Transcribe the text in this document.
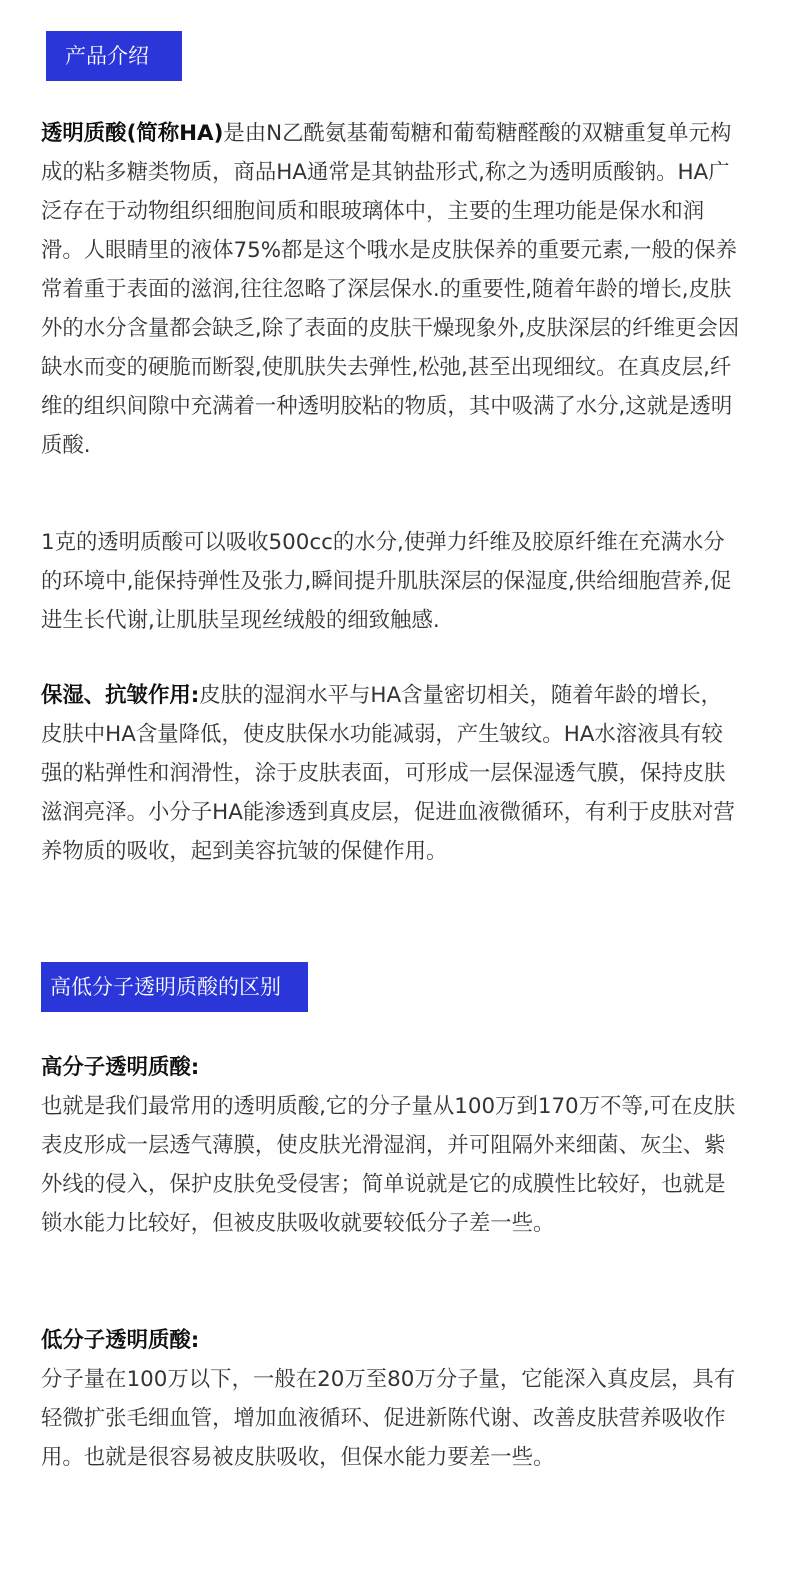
产品介绍

透明质酸(简称HA)是由N乙酰氨基葡萄糖和葡萄糖醛酸的双糖重复单元构成的粘多糖类物质，商品HA通常是其钠盐形式,称之为透明质酸钠。HA广泛存在于动物组织细胞间质和眼玻璃体中，主要的生理功能是保水和润滑。人眼睛里的液体75%都是这个哦水是皮肤保养的重要元素,一般的保养常着重于表面的滋润,往往忽略了深层保水.的重要性,随着年龄的增长,皮肤外的水分含量都会缺乏,除了表面的皮肤干燥现象外,皮肤深层的纤维更会因缺水而变的硬脆而断裂,使肌肤失去弹性,松弛,甚至出现细纹。在真皮层,纤维的组织间隙中充满着一种透明胶粘的物质，其中吸满了水分,这就是透明质酸.

1克的透明质酸可以吸收500cc的水分,使弹力纤维及胶原纤维在充满水分的环境中,能保持弹性及张力,瞬间提升肌肤深层的保湿度,供给细胞营养,促进生长代谢,让肌肤呈现丝绒般的细致触感.

保湿、抗皱作用:皮肤的湿润水平与HA含量密切相关，随着年龄的增长，皮肤中HA含量降低，使皮肤保水功能减弱，产生皱纹。HA水溶液具有较强的粘弹性和润滑性，涂于皮肤表面，可形成一层保湿透气膜，保持皮肤滋润亮泽。小分子HA能渗透到真皮层，促进血液微循环，有利于皮肤对营养物质的吸收，起到美容抗皱的保健作用。

高低分子透明质酸的区别

高分子透明质酸:

也就是我们最常用的透明质酸,它的分子量从100万到170万不等,可在皮肤表皮形成一层透气薄膜，使皮肤光滑湿润，并可阻隔外来细菌、灰尘、紫外线的侵入，保护皮肤免受侵害；简单说就是它的成膜性比较好，也就是锁水能力比较好，但被皮肤吸收就要较低分子差一些。

低分子透明质酸:

分子量在100万以下，一般在20万至80万分子量，它能深入真皮层，具有轻微扩张毛细血管，增加血液循环、促进新陈代谢、改善皮肤营养吸收作用。也就是很容易被皮肤吸收，但保水能力要差一些。
